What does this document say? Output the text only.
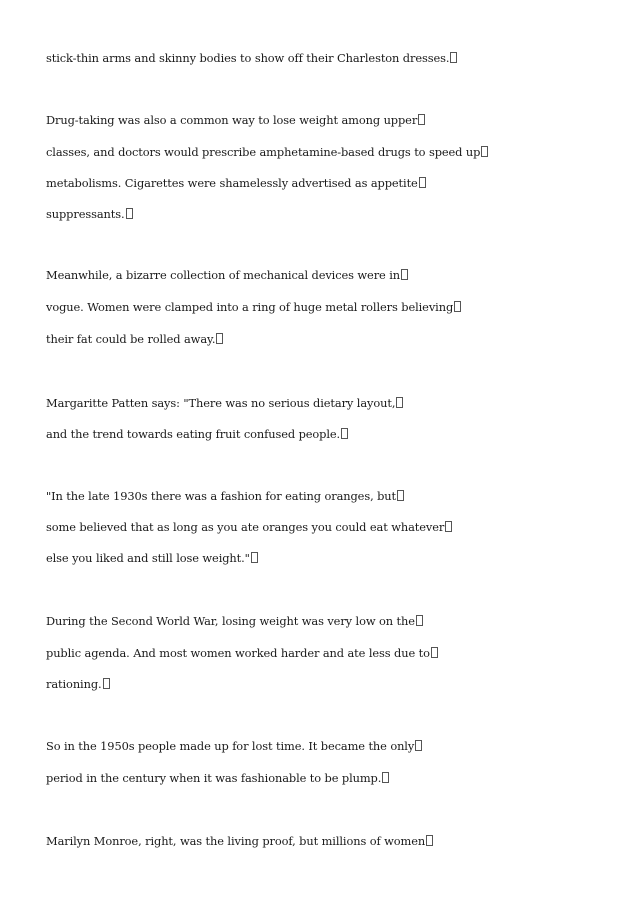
stick-thin arms and skinny bodies to show off their Charleston dresses.
Drug-taking was also a common way to lose weight among upper
classes, and doctors would prescribe amphetamine-based drugs to speed up
metabolisms. Cigarettes were shamelessly advertised as appetite
suppressants.
Meanwhile, a bizarre collection of mechanical devices were in
vogue. Women were clamped into a ring of huge metal rollers believing
their fat could be rolled away.
Margaritte Patten says: "There was no serious dietary layout,
and the trend towards eating fruit confused people.
"In the late 1930s there was a fashion for eating oranges, but
some believed that as long as you ate oranges you could eat whatever
else you liked and still lose weight."
During the Second World War, losing weight was very low on the
public agenda. And most women worked harder and ate less due to
rationing.
So in the 1950s people made up for lost time. It became the only
period in the century when it was fashionable to be plump.
Marilyn Monroe, right, was the living proof, but millions of women
